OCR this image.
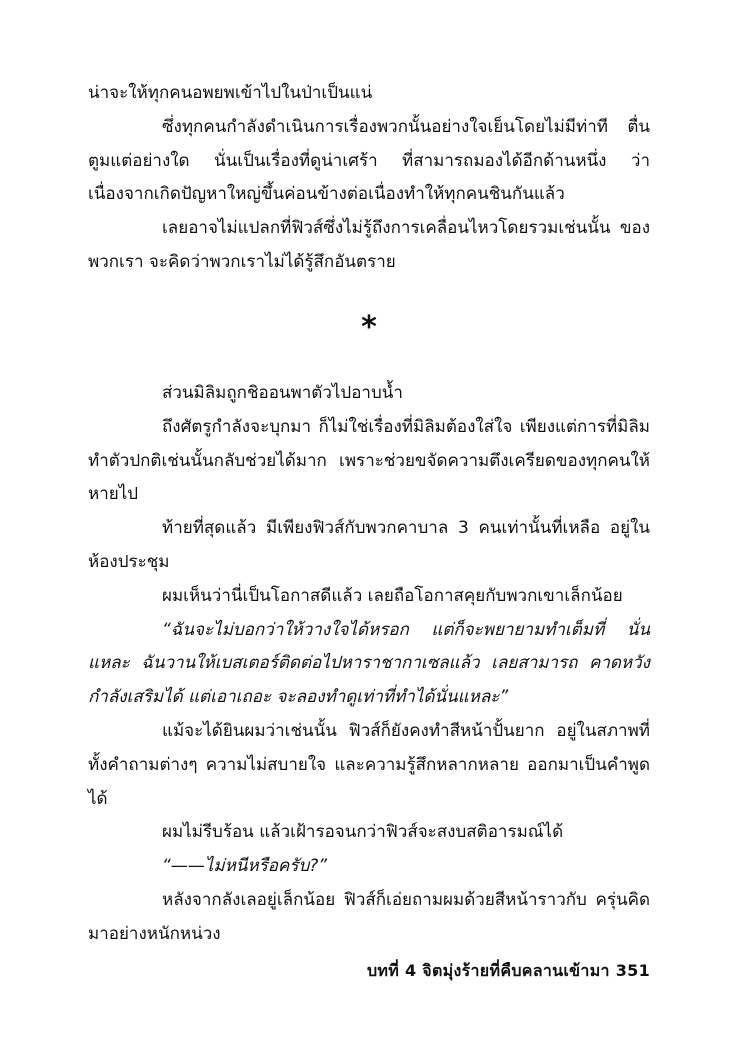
น่าจะให้ทุกคนอพยพเข้าไปในป่าเป็นแน่

ซึ่งทุกคนกำลังดำเนินการเรื่องพวกนั้นอย่างใจเย็นโดยไม่มีท่าที ตื่นตูมแต่อย่างใด นั่นเป็นเรื่องที่ดูน่าเศร้า ที่สามารถมองได้อีกด้านหนึ่ง ว่าเนื่องจากเกิดปัญหาใหญ่ขึ้นค่อนข้างต่อเนื่องทำให้ทุกคนชินกันแล้ว

เลยอาจไม่แปลกที่ฟิวส์ซึ่งไม่รู้ถึงการเคลื่อนไหวโดยรวมเช่นนั้น ของพวกเรา จะคิดว่าพวกเราไม่ได้รู้สึกอันตราย

*

ส่วนมิลิมถูกชิออนพาตัวไปอาบน้ำ

ถึงศัตรูกำลังจะบุกมา ก็ไม่ใช่เรื่องที่มิลิมต้องใส่ใจ เพียงแต่การที่มิลิมทำตัวปกติเช่นนั้นกลับช่วยได้มาก เพราะช่วยขจัดความตึงเครียดของทุกคนให้หายไป

ท้ายที่สุดแล้ว มีเพียงฟิวส์กับพวกคาบาล 3 คนเท่านั้นที่เหลือ อยู่ในห้องประชุม

ผมเห็นว่านี่เป็นโอกาสดีแล้ว เลยถือโอกาสคุยกับพวกเขาเล็กน้อย

“ฉันจะไม่บอกว่าให้วางใจได้หรอก แต่ก็จะพยายามทำเต็มที่ นั่นแหละ ฉันวานให้เบสเตอร์ติดต่อไปหาราชากาเซลแล้ว เลยสามารถ คาดหวังกำลังเสริมได้ แต่เอาเถอะ จะลองทำดูเท่าที่ทำได้นั่นแหละ”

แม้จะได้ยินผมว่าเช่นนั้น ฟิวส์ก็ยังคงทำสีหน้าปั้นยาก อยู่ในสภาพที่ทั้งคำถามต่างๆ ความไม่สบายใจ และความรู้สึกหลากหลาย ออกมาเป็นคำพูดได้

ผมไม่รีบร้อน แล้วเฝ้ารอจนกว่าฟิวส์จะสงบสติอารมณ์ได้

“——ไม่หนีหรือครับ?”

หลังจากลังเลอยู่เล็กน้อย ฟิวส์ก็เอ่ยถามผมด้วยสีหน้าราวกับ ครุ่นคิดมาอย่างหนักหน่วง

บทที่ 4 จิตมุ่งร้ายที่คืบคลานเข้ามา 351
